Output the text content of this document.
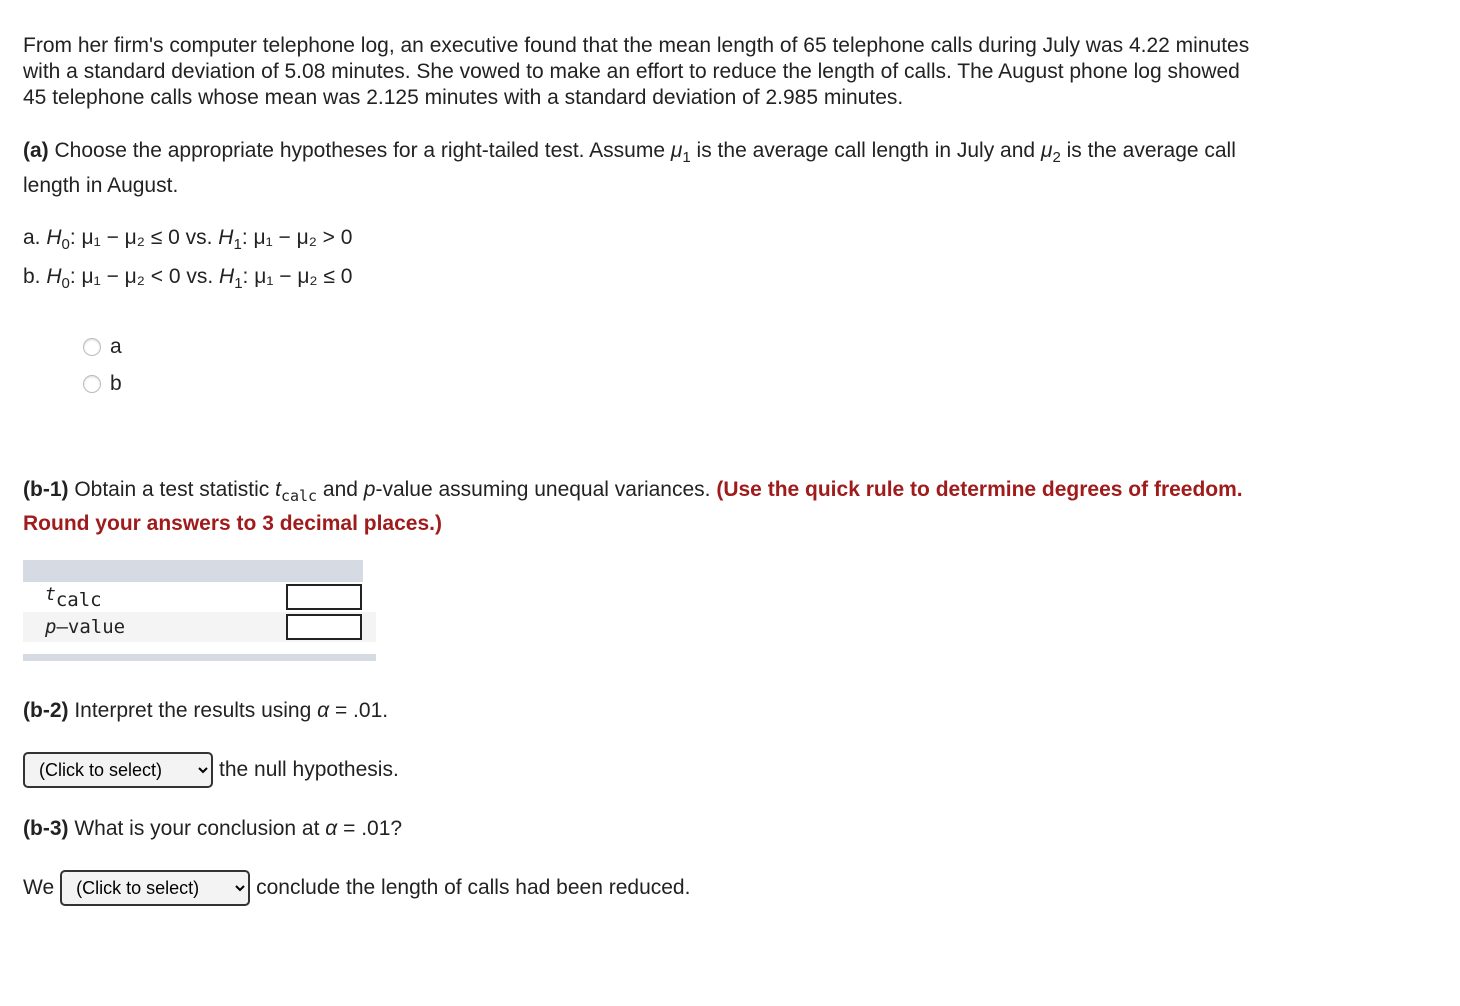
From her firm's computer telephone log, an executive found that the mean length of 65 telephone calls during July was 4.22 minutes
with a standard deviation of 5.08 minutes. She vowed to make an effort to reduce the length of calls. The August phone log showed
45 telephone calls whose mean was 2.125 minutes with a standard deviation of 2.985 minutes.
(a) Choose the appropriate hypotheses for a right-tailed test. Assume $\mu_1$ is the average call length in July and $\mu_2$ is the average call
length in August.
a. $H_0$: μ₁ − μ₂ ≤ 0 vs. $H_1$: μ₁ − μ₂ > 0
b. $H_0$: μ₁ − μ₂ < 0 vs. $H_1$: μ₁ − μ₂ ≤ 0
(b-1) Obtain a test statistic $t_{calc}$ and p-value assuming unequal variances. (Use the quick rule to determine degrees of freedom.
Round your answers to 3 decimal places.)
(b-2) Interpret the results using α = .01.
(Click to select)
the null hypothesis.
(b-3) What is your conclusion at α = .01?
We
(Click to select)	conclude the length of calls had been reduced.
a
b
tcalc
p–value
